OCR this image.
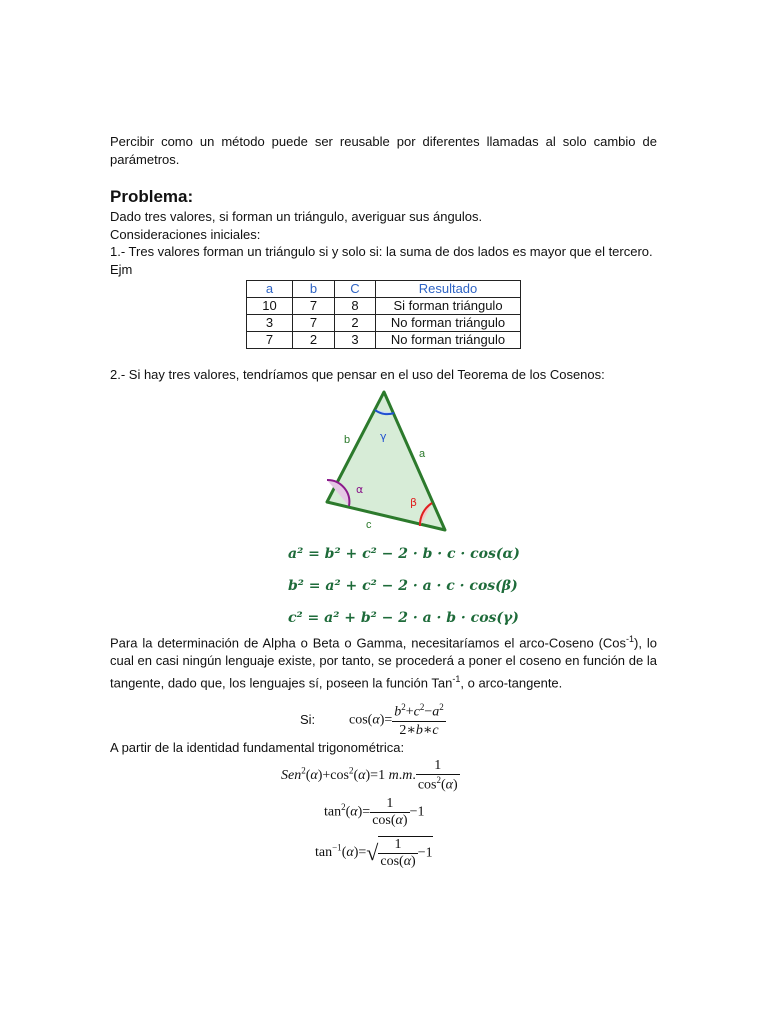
Percibir como un método puede ser reusable por diferentes llamadas al solo cambio de parámetros.
Problema:
Dado tres valores, si forman un triángulo, averiguar sus ángulos.
Consideraciones iniciales:
1.- Tres valores forman un triángulo si y solo si: la suma de dos lados es mayor que el tercero.
Ejm
a	b	C	Resultado
10	7	8	Si forman triángulo
3	7	2	No forman triángulo
7	2	3	No forman triángulo
2.- Si hay tres valores, tendríamos que pensar en el uso del Teorema de los Cosenos:
b
a
c
α
β
γ
a² = b² + c² − 2 · b · c · cos(α)
b² = a² + c² − 2 · a · c · cos(β)
c² = a² + b² − 2 · a · b · cos(γ)
Para la determinación de Alpha o Beta o Gamma, necesitaríamos el arco-Coseno (Cos$^{-1}$), lo cual en casi ningún lenguaje existe, por tanto, se procederá a poner el coseno en función de la tangente, dado que, los lenguajes sí, poseen la función Tan$^{-1}$, o arco-tangente.
Si: $\cos(\alpha)= \frac{b^2+c^2-a^2}{2∗b∗c}$
A partir de la identidad fundamental trigonométrica:
$Sen^2(\alpha)+\cos^2(\alpha)=1$ m.m. $\frac{1}{\cos^2(\alpha)}$
$\tan^2(\alpha)= \frac{1}{\cos(\alpha)} -1$
$\tan^{-1}(\alpha)=√ \frac{1}{\cos(\alpha)} -1$
